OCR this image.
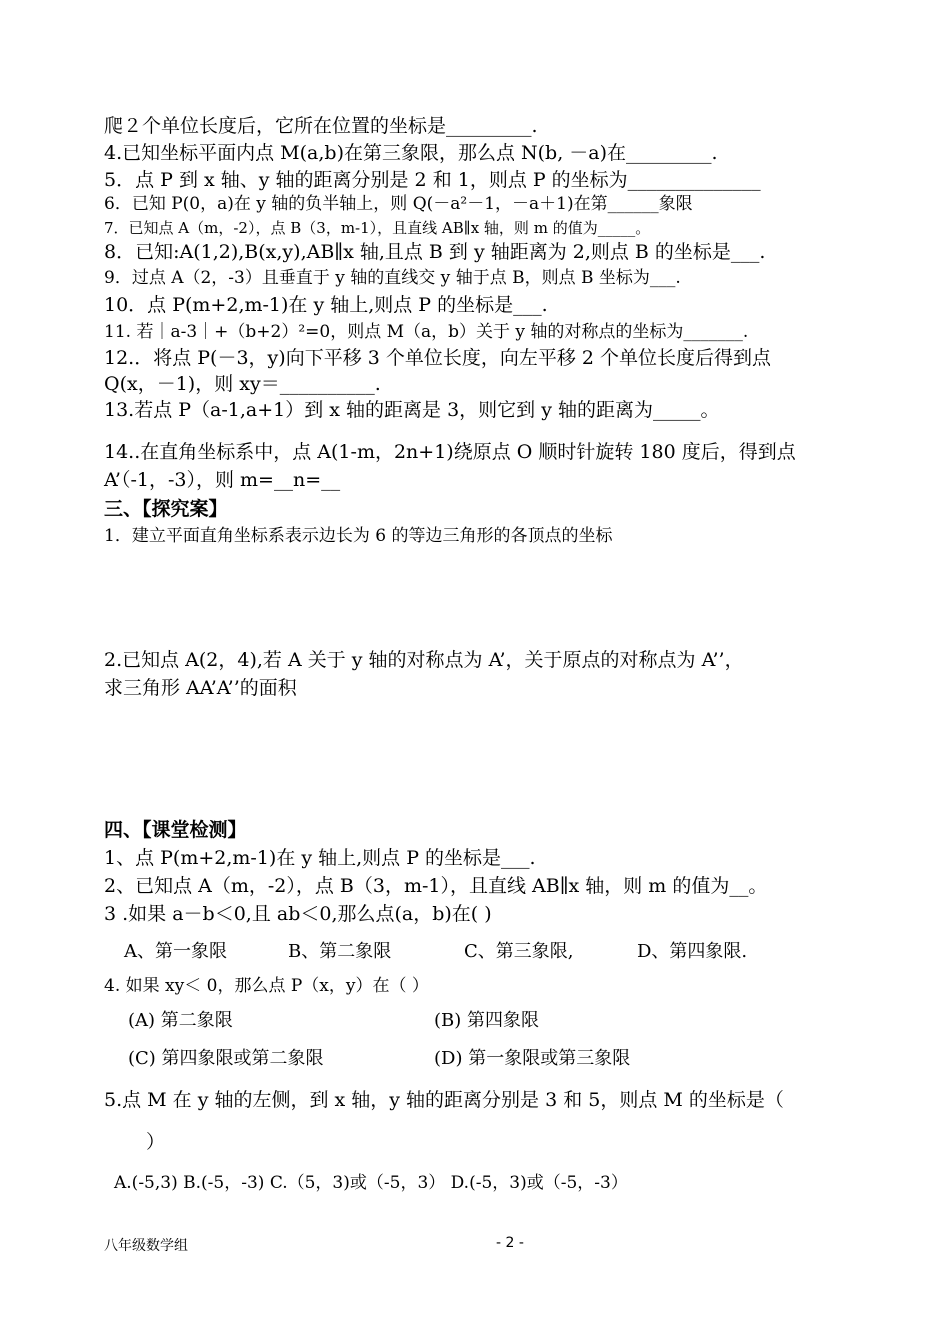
爬２个单位长度后，它所在位置的坐标是_________.
4.已知坐标平面内点 M(a,b)在第三象限，那么点 N(b, －a)在_________.
5．点 P 到 x 轴、y 轴的距离分别是 2 和 1，则点 P 的坐标为______________
6．已知 P(0，a)在 y 轴的负半轴上，则 Q(－a²－1，－a＋1)在第______象限
7．已知点 A（m，-2），点 B（3，m-1），且直线 AB∥x 轴，则 m 的值为_____。
8．已知:A(1,2),B(x,y),AB∥x 轴,且点 B 到 y 轴距离为 2,则点 B 的坐标是___.
9．过点 A（2，-3）且垂直于 y 轴的直线交 y 轴于点 B，则点 B 坐标为___.
10．点 P(m+2,m-1)在 y 轴上,则点 P 的坐标是___.
11. 若｜a-3｜+（b+2）²=0，则点 M（a，b）关于 y 轴的对称点的坐标为_______.
12.．将点 P(－3，y)向下平移 3 个单位长度，向左平移 2 个单位长度后得到点
Q(x，－1)，则 xy＝__________.
13.若点 P（a-1,a+1）到 x 轴的距离是 3，则它到 y 轴的距离为_____。
14..在直角坐标系中，点 A(1-m，2n+1)绕原点 O 顺时针旋转 180 度后，得到点
A’（-1，-3），则 m=__n=__
三、【探究案】
1．建立平面直角坐标系表示边长为 6 的等边三角形的各顶点的坐标
2.已知点 A(2，4),若 A 关于 y 轴的对称点为 A’，关于原点的对称点为 A’’，
求三角形 AA’A’’的面积
四、【课堂检测】
1、点 P(m+2,m-1)在 y 轴上,则点 P 的坐标是___.
2、已知点 A（m，-2），点 B（3，m-1），且直线 AB∥x 轴，则 m 的值为__。
3 .如果 a－b＜0,且 ab＜0,那么点(a，b)在( )
A、第一象限	B、第二象限	C、第三象限,	D、第四象限.
4. 如果 xy＜ 0，那么点 P（x，y）在（ ）
(A) 第二象限	(B) 第四象限
(C) 第四象限或第二象限	(D) 第一象限或第三象限
5.点 M 在 y 轴的左侧，到 x 轴，y 轴的距离分别是 3 和 5，则点 M 的坐标是（
）
A.(-5,3) B.(-5，-3) C.（5，3)或（-5，3） D.(-5，3)或（-5，-3）
八年级数学组	- 2 -
